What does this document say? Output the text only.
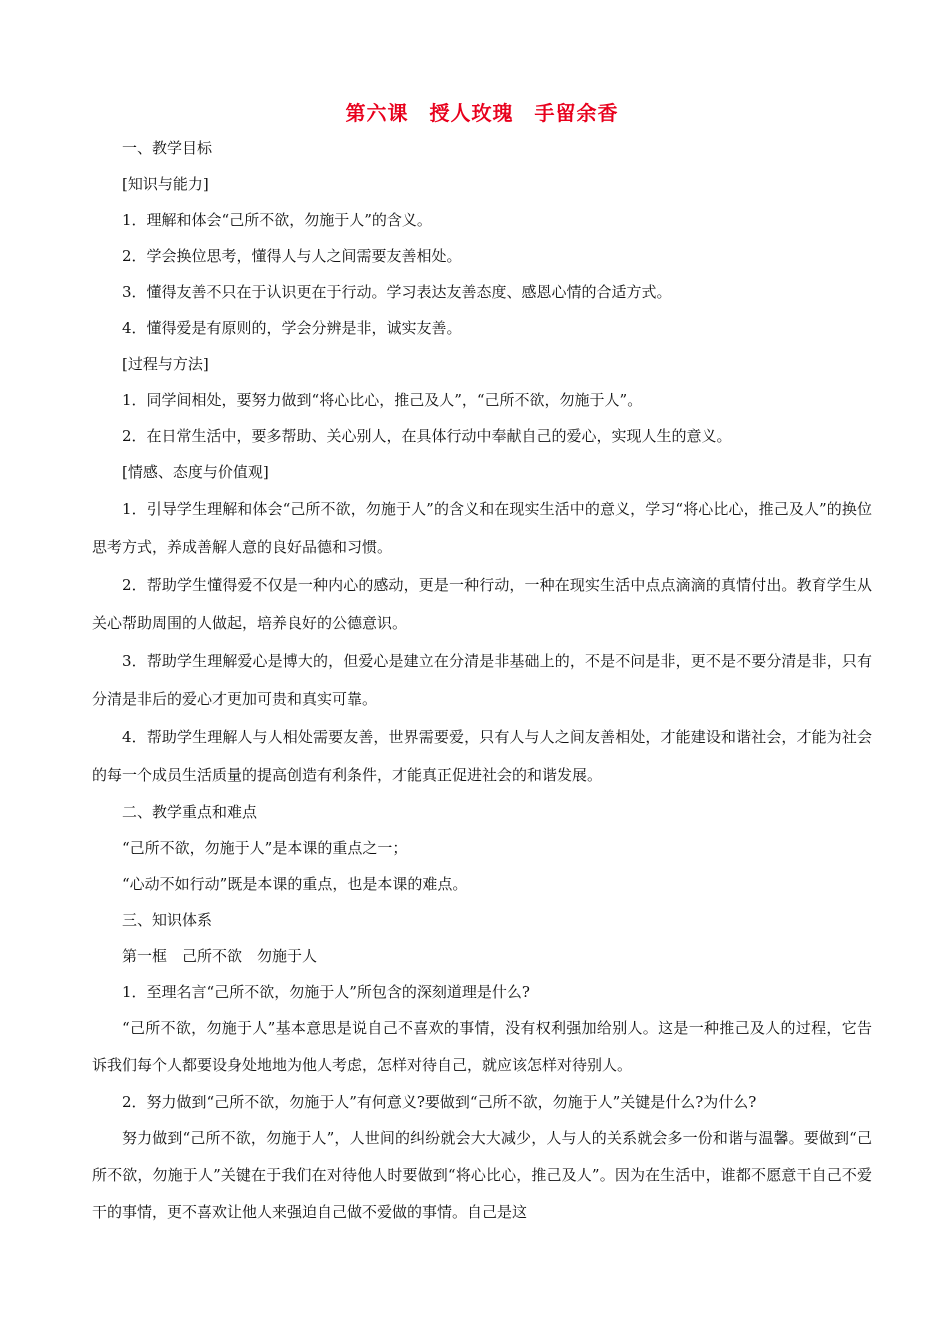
第六课　授人玫瑰　手留余香
一、教学目标
[知识与能力]
1．理解和体会“己所不欲，勿施于人”的含义。
2．学会换位思考，懂得人与人之间需要友善相处。
3．懂得友善不只在于认识更在于行动。学习表达友善态度、感恩心情的合适方式。
4．懂得爱是有原则的，学会分辨是非，诚实友善。
[过程与方法]
1．同学间相处，要努力做到“将心比心，推己及人”，“己所不欲，勿施于人”。
2．在日常生活中，要多帮助、关心别人，在具体行动中奉献自己的爱心，实现人生的意义。
[情感、态度与价值观]
1．引导学生理解和体会“己所不欲，勿施于人”的含义和在现实生活中的意义，学习“将心比心，推己及人”的换位思考方式，养成善解人意的良好品德和习惯。
2．帮助学生懂得爱不仅是一种内心的感动，更是一种行动，一种在现实生活中点点滴滴的真情付出。教育学生从关心帮助周围的人做起，培养良好的公德意识。
3．帮助学生理解爱心是博大的，但爱心是建立在分清是非基础上的，不是不问是非，更不是不要分清是非，只有分清是非后的爱心才更加可贵和真实可靠。
4．帮助学生理解人与人相处需要友善，世界需要爱，只有人与人之间友善相处，才能建设和谐社会，才能为社会的每一个成员生活质量的提高创造有利条件，才能真正促进社会的和谐发展。
二、教学重点和难点
“己所不欲，勿施于人”是本课的重点之一；
“心动不如行动”既是本课的重点，也是本课的难点。
三、知识体系
第一框　己所不欲　勿施于人
1．至理名言“己所不欲，勿施于人”所包含的深刻道理是什么?
“己所不欲，勿施于人”基本意思是说自己不喜欢的事情，没有权利强加给别人。这是一种推己及人的过程，它告诉我们每个人都要设身处地地为他人考虑，怎样对待自己，就应该怎样对待别人。
2．努力做到“己所不欲，勿施于人”有何意义?要做到“己所不欲，勿施于人”关键是什么?为什么?
努力做到“己所不欲，勿施于人”，人世间的纠纷就会大大减少，人与人的关系就会多一份和谐与温馨。要做到“己所不欲，勿施于人”关键在于我们在对待他人时要做到“将心比心，推己及人”。因为在生活中，谁都不愿意干自己不爱干的事情，更不喜欢让他人来强迫自己做不爱做的事情。自己是这
